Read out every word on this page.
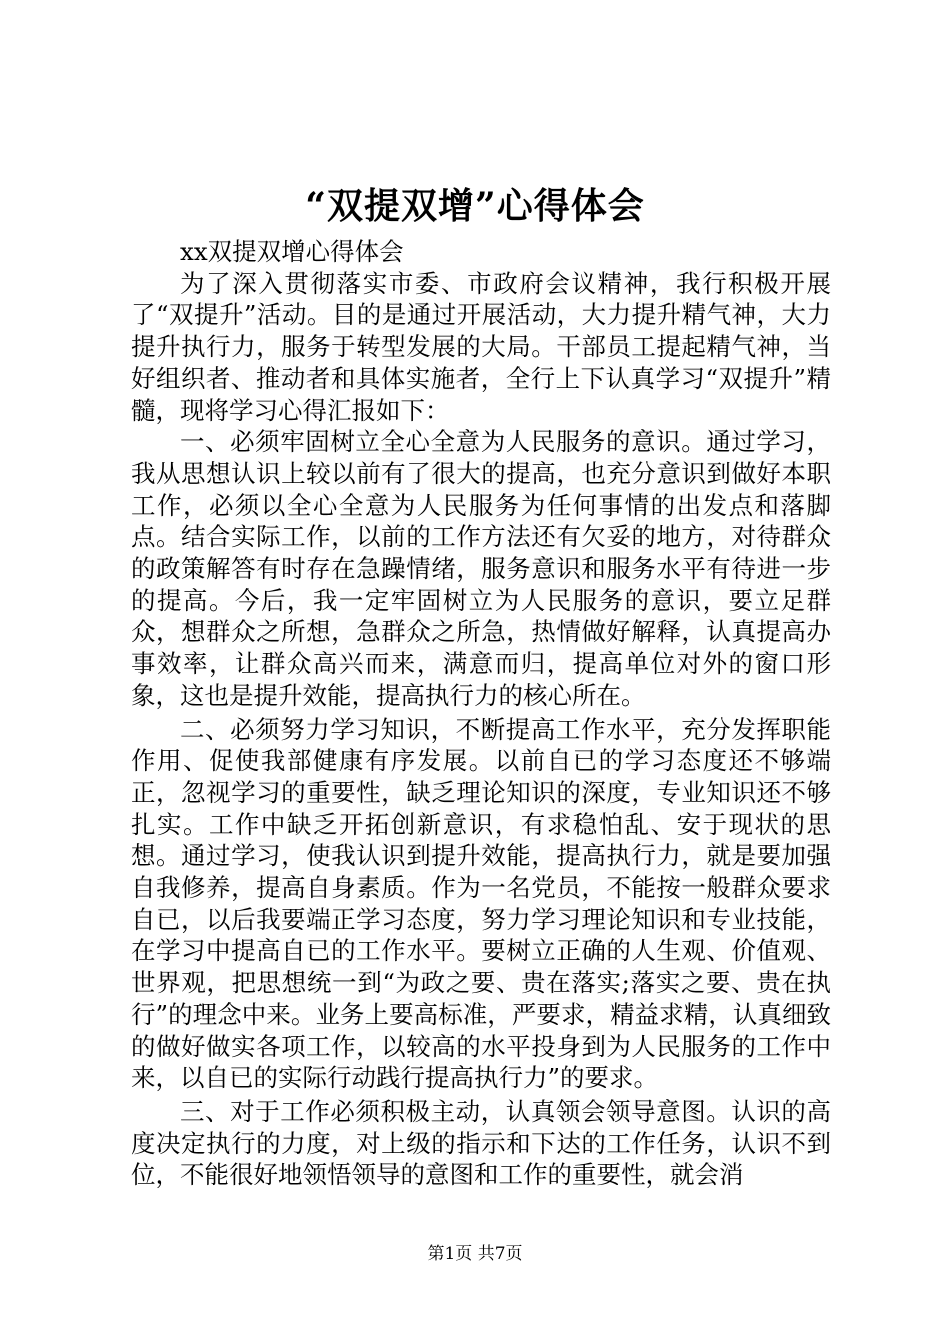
“双提双增”心得体会

xx双提双增心得体会

为了深入贯彻落实市委、市政府会议精神，我行积极开展了“双提升”活动。目的是通过开展活动，大力提升精气神，大力提升执行力，服务于转型发展的大局。干部员工提起精气神，当好组织者、推动者和具体实施者，全行上下认真学习“双提升”精髓，现将学习心得汇报如下：

一、必须牢固树立全心全意为人民服务的意识。通过学习，我从思想认识上较以前有了很大的提高，也充分意识到做好本职工作，必须以全心全意为人民服务为任何事情的出发点和落脚点。结合实际工作，以前的工作方法还有欠妥的地方，对待群众的政策解答有时存在急躁情绪，服务意识和服务水平有待进一步的提高。今后，我一定牢固树立为人民服务的意识，要立足群众，想群众之所想，急群众之所急，热情做好解释，认真提高办事效率，让群众高兴而来，满意而归，提高单位对外的窗口形象，这也是提升效能，提高执行力的核心所在。

二、必须努力学习知识，不断提高工作水平，充分发挥职能作用、促使我部健康有序发展。以前自已的学习态度还不够端正，忽视学习的重要性，缺乏理论知识的深度，专业知识还不够扎实。工作中缺乏开拓创新意识，有求稳怕乱、安于现状的思想。通过学习，使我认识到提升效能，提高执行力，就是要加强自我修养，提高自身素质。作为一名党员，不能按一般群众要求自已，以后我要端正学习态度，努力学习理论知识和专业技能，在学习中提高自已的工作水平。要树立正确的人生观、价值观、世界观，把思想统一到“为政之要、贵在落实;落实之要、贵在执行”的理念中来。业务上要高标准，严要求，精益求精，认真细致的做好做实各项工作，以较高的水平投身到为人民服务的工作中来，以自已的实际行动践行提高执行力”的要求。

三、对于工作必须积极主动，认真领会领导意图。认识的高度决定执行的力度，对上级的指示和下达的工作任务，认识不到位，不能很好地领悟领导的意图和工作的重要性，就会消

第1页 共7页
